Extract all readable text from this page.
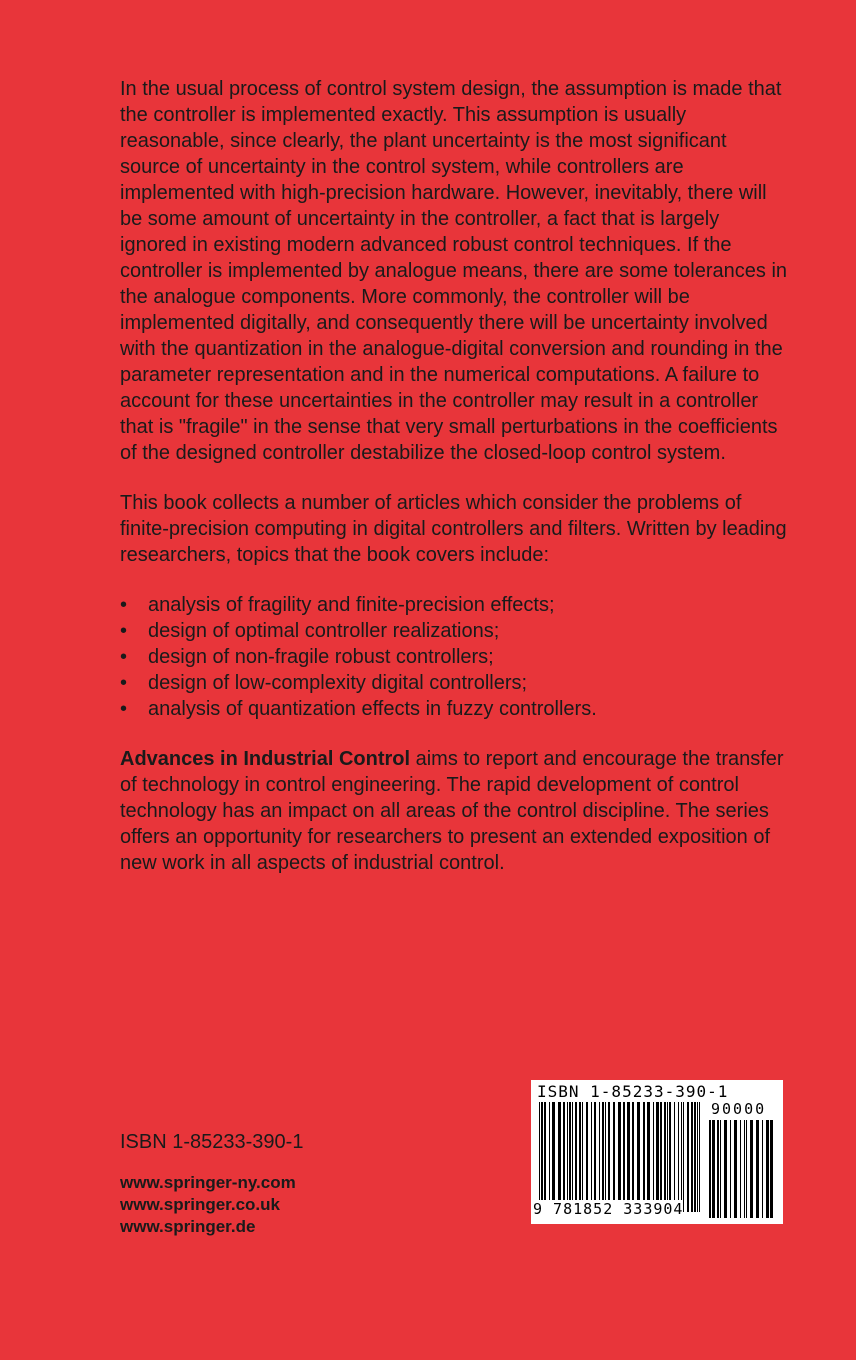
In the usual process of control system design, the assumption is made that the controller is implemented exactly. This assumption is usually reasonable, since clearly, the plant uncertainty is the most significant source of uncertainty in the control system, while controllers are implemented with high-precision hardware. However, inevitably, there will be some amount of uncertainty in the controller, a fact that is largely ignored in existing modern advanced robust control techniques. If the controller is implemented by analogue means, there are some tolerances in the analogue components. More commonly, the controller will be implemented digitally, and consequently there will be uncertainty involved with the quantization in the analogue-digital conversion and rounding in the parameter representation and in the numerical computations. A failure to account for these uncertainties in the controller may result in a controller that is "fragile" in the sense that very small perturbations in the coefficients of the designed controller destabilize the closed-loop control system.

This book collects a number of articles which consider the problems of finite-precision computing in digital controllers and filters. Written by leading researchers, topics that the book covers include:

• analysis of fragility and finite-precision effects;
• design of optimal controller realizations;
• design of non-fragile robust controllers;
• design of low-complexity digital controllers;
• analysis of quantization effects in fuzzy controllers.

Advances in Industrial Control aims to report and encourage the transfer of technology in control engineering. The rapid development of control technology has an impact on all areas of the control discipline. The series offers an opportunity for researchers to present an extended exposition of new work in all aspects of industrial control.

ISBN 1-85233-390-1
www.springer-ny.com
www.springer.co.uk
www.springer.de
ISBN 1-85233-390-1
90000
9 781852 333904
